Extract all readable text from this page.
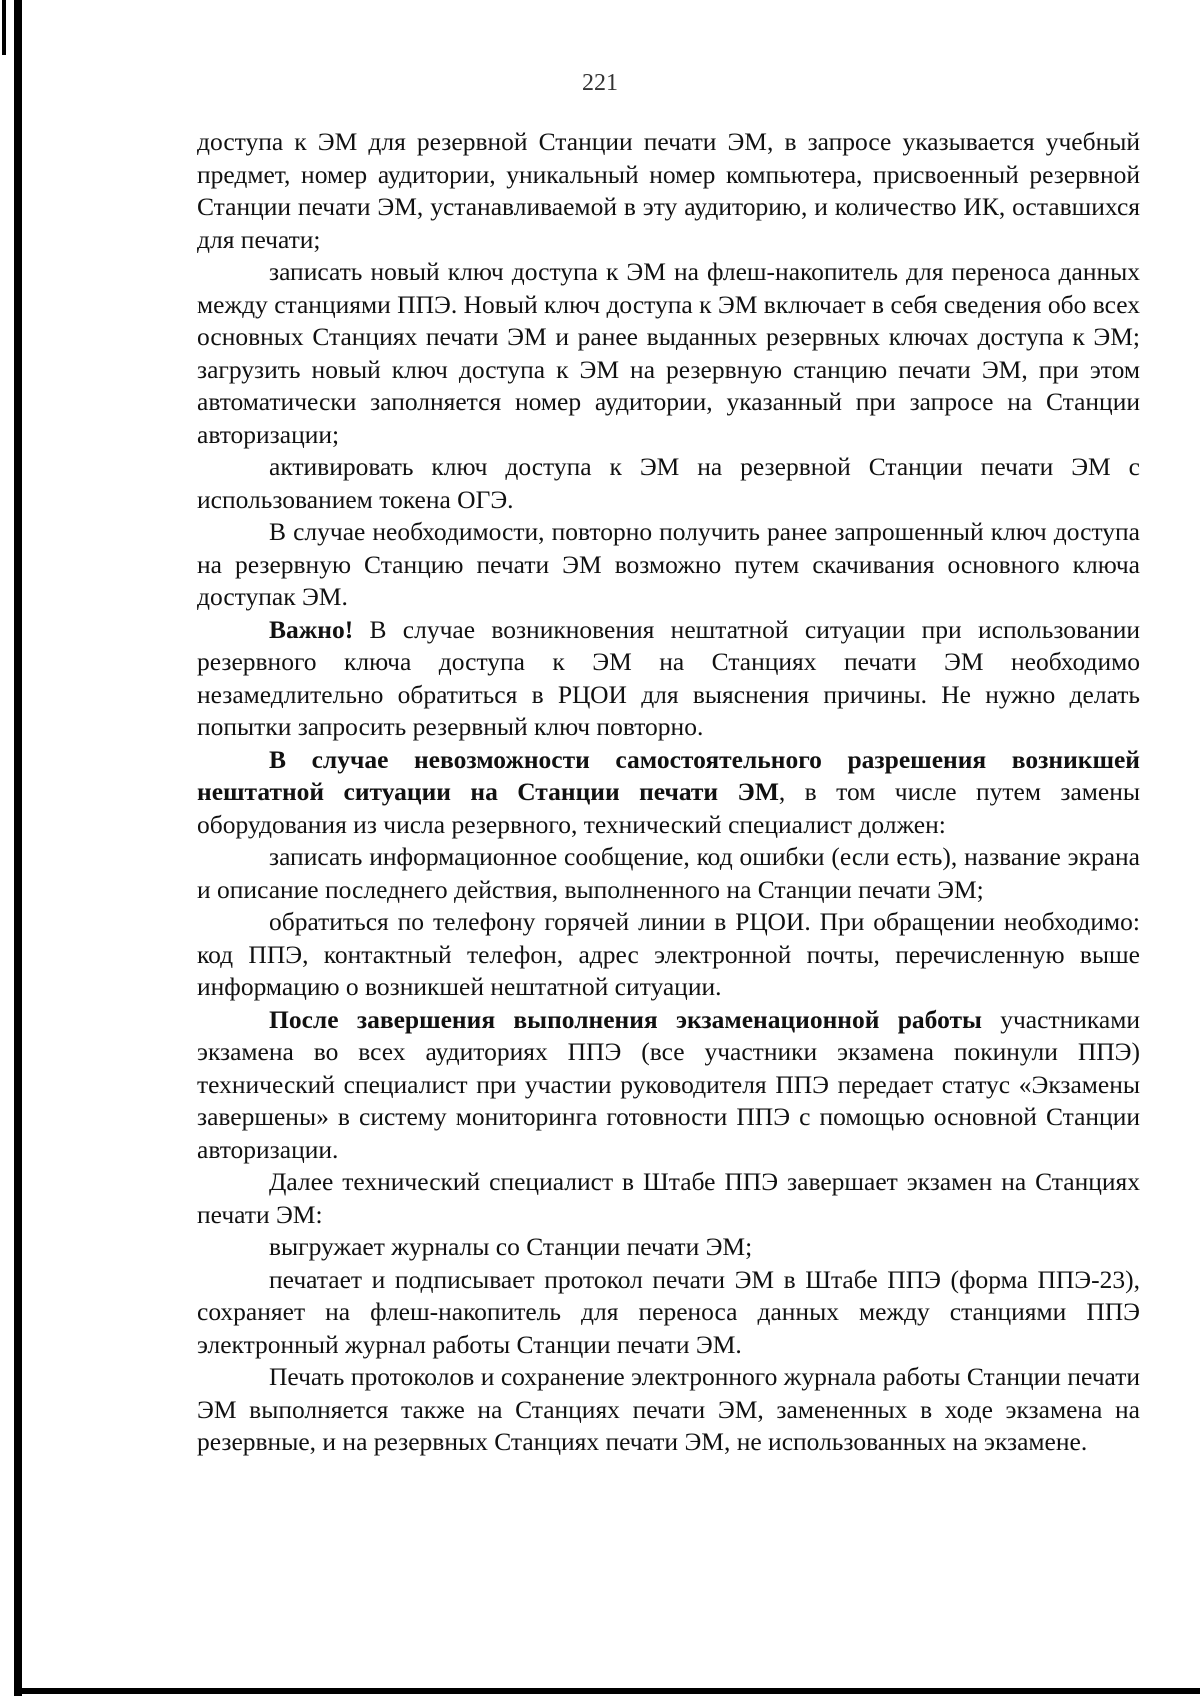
221

доступа к ЭМ для резервной Станции печати ЭМ, в запросе указывается учебный предмет, номер аудитории, уникальный номер компьютера, присвоенный резервной Станции печати ЭМ, устанавливаемой в эту аудиторию, и количество ИК, оставшихся для печати;

записать новый ключ доступа к ЭМ на флеш-накопитель для переноса данных между станциями ППЭ. Новый ключ доступа к ЭМ включает в себя сведения обо всех основных Станциях печати ЭМ и ранее выданных резервных ключах доступа к ЭМ; загрузить новый ключ доступа к ЭМ на резервную станцию печати ЭМ, при этом автоматически заполняется номер аудитории, указанный при запросе на Станции авторизации;

активировать ключ доступа к ЭМ на резервной Станции печати ЭМ с использованием токена ОГЭ.

В случае необходимости, повторно получить ранее запрошенный ключ доступа на резервную Станцию печати ЭМ возможно путем скачивания основного ключа доступак ЭМ.

Важно! В случае возникновения нештатной ситуации при использовании резервного ключа доступа к ЭМ на Станциях печати ЭМ необходимо незамедлительно обратиться в РЦОИ для выяснения причины. Не нужно делать попытки запросить резервный ключ повторно.

В случае невозможности самостоятельного разрешения возникшей нештатной ситуации на Станции печати ЭМ, в том числе путем замены оборудования из числа резервного, технический специалист должен:

записать информационное сообщение, код ошибки (если есть), название экрана и описание последнего действия, выполненного на Станции печати ЭМ;

обратиться по телефону горячей линии в РЦОИ. При обращении необходимо: код ППЭ, контактный телефон, адрес электронной почты, перечисленную выше информацию о возникшей нештатной ситуации.

После завершения выполнения экзаменационной работы участниками экзамена во всех аудиториях ППЭ (все участники экзамена покинули ППЭ) технический специалист при участии руководителя ППЭ передает статус «Экзамены завершены» в систему мониторинга готовности ППЭ с помощью основной Станции авторизации.

Далее технический специалист в Штабе ППЭ завершает экзамен на Станциях печати ЭМ:

выгружает журналы со Станции печати ЭМ;

печатает и подписывает протокол печати ЭМ в Штабе ППЭ (форма ППЭ-23), сохраняет на флеш-накопитель для переноса данных между станциями ППЭ электронный журнал работы Станции печати ЭМ.

Печать протоколов и сохранение электронного журнала работы Станции печати ЭМ выполняется также на Станциях печати ЭМ, замененных в ходе экзамена на резервные, и на резервных Станциях печати ЭМ, не использованных на экзамене.
